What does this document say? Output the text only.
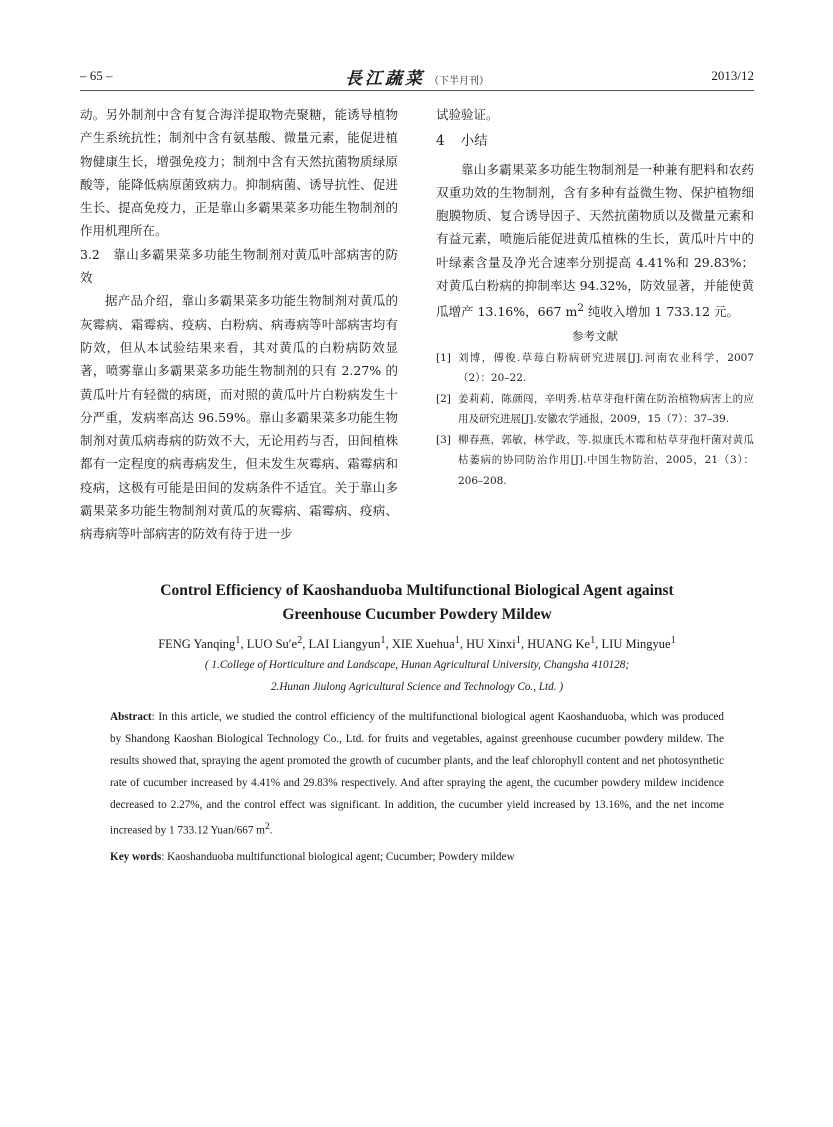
– 65 –	長江蔬菜 （下半月刊）	2013/12

动。另外制剂中含有复合海洋提取物壳聚糖，能诱导植物产生系统抗性；制剂中含有氨基酸、微量元素，能促进植物健康生长，增强免疫力；制剂中含有天然抗菌物质绿原酸等，能降低病原菌致病力。抑制病菌、诱导抗性、促进生长、提高免疫力，正是靠山多霸果菜多功能生物制剂的作用机理所在。

3.2　靠山多霸果菜多功能生物制剂对黄瓜叶部病害的防效

据产品介绍，靠山多霸果菜多功能生物制剂对黄瓜的灰霉病、霜霉病、疫病、白粉病、病毒病等叶部病害均有防效，但从本试验结果来看，其对黄瓜的白粉病防效显著，喷雾靠山多霸果菜多功能生物制剂的只有 2.27% 的黄瓜叶片有轻微的病斑，而对照的黄瓜叶片白粉病发生十分严重，发病率高达 96.59%。靠山多霸果菜多功能生物制剂对黄瓜病毒病的防效不大，无论用药与否，田间植株都有一定程度的病毒病发生，但未发生灰霉病、霜霉病和疫病，这极有可能是田间的发病条件不适宜。关于靠山多霸果菜多功能生物制剂对黄瓜的灰霉病、霜霉病、疫病、病毒病等叶部病害的防效有待于进一步

试验验证。

4 小结

靠山多霸果菜多功能生物制剂是一种兼有肥料和农药双重功效的生物制剂，含有多种有益微生物、保护植物细胞膜物质、复合诱导因子、天然抗菌物质以及微量元素和有益元素，喷施后能促进黄瓜植株的生长，黄瓜叶片中的叶绿素含量及净光合速率分别提高 4.41%和 29.83%；对黄瓜白粉病的抑制率达 94.32%，防效显著，并能使黄瓜增产 13.16%，667 $m^2$ 纯收入增加 1 733.12 元。

参考文献
[1] 刘博，傅俊.草莓白粉病研究进展[J].河南农业科学，2007（2）：20–22.
[2] 姜莉莉，陈颜闯，辛明秀.枯草芽孢杆菌在防治植物病害上的应用及研究进展[J].安徽农学通报，2009，15（7）：37–39.
[3] 柳春燕，郭敏，林学政，等.拟康氏木霉和枯草芽孢杆菌对黄瓜枯萎病的协同防治作用[J].中国生物防治，2005，21（3）：206–208.
Control Efficiency of Kaoshanduoba Multifunctional Biological Agent against
Greenhouse Cucumber Powdery Mildew
FENG Yanqing$^1$, LUO $Su'e^2$, LAI Liangyun$^1$, XIE Xuehua$^1$, HU Xinxi$^1$, HUANG Ke$^1$, LIU Mingyue$^1$
( 1.College of Horticulture and Landscape, Hunan Agricultural University, Changsha 410128;
2.Hunan Jiulong Agricultural Science and Technology Co., Ltd. )
Abstract: In this article, we studied the control efficiency of the multifunctional biological agent Kaoshanduoba, which was produced by Shandong Kaoshan Biological Technology Co., Ltd. for fruits and vegetables, against greenhouse cucumber powdery mildew. The results showed that, spraying the agent promoted the growth of cucumber plants, and the leaf chlorophyll content and net photosynthetic rate of cucumber increased by 4.41% and 29.83% respectively. And after spraying the agent, the cucumber powdery mildew incidence decreased to 2.27%, and the control effect was significant. In addition, the cucumber yield increased by 13.16%, and the net income increased by 1 733.12 Yuan/667 $m^2$.
Key words: Kaoshanduoba multifunctional biological agent; Cucumber; Powdery mildew
